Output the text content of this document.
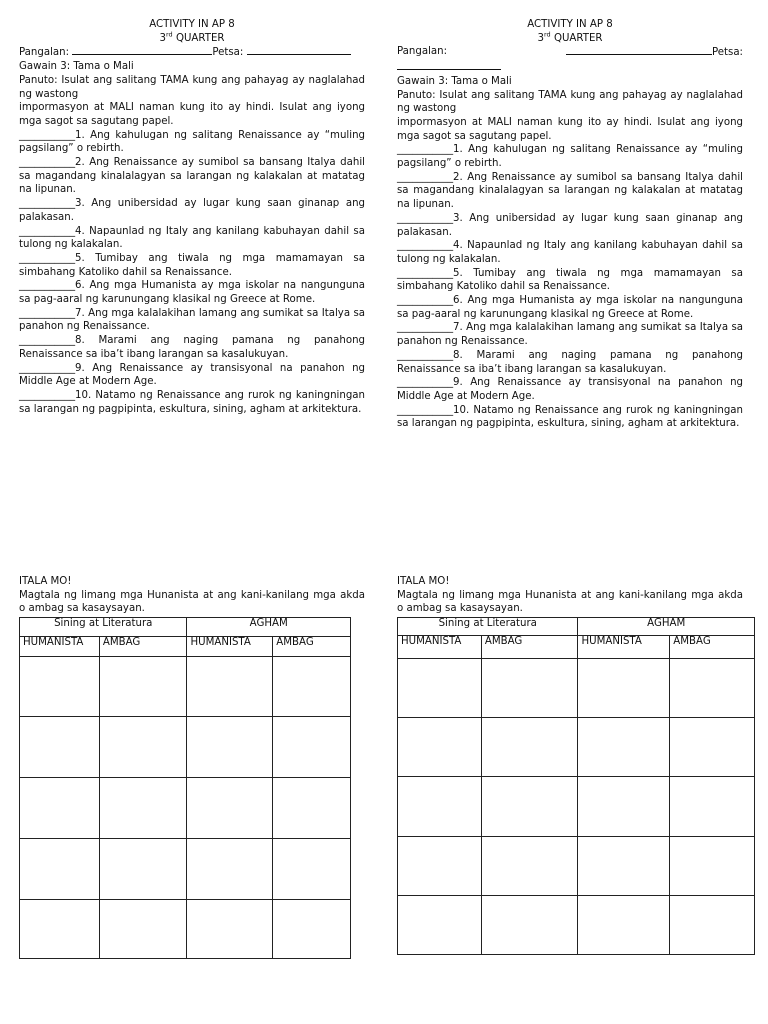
ACTIVITY IN AP 8
3rd QUARTER
Pangalan:	Petsa:

Gawain 3: Tama o Mali

Panuto: Isulat ang salitang TAMA kung ang pahayag ay naglalahad ng wastong

impormasyon at MALI naman kung ito ay hindi. Isulat ang iyong mga sagot sa sagutang papel.

___________1. Ang kahulugan ng salitang Renaissance ay “muling pagsilang” o rebirth.

___________2. Ang Renaissance ay sumibol sa bansang Italya dahil sa magandang kinalalagyan sa larangan ng kalakalan at matatag na lipunan.

___________3. Ang unibersidad ay lugar kung saan ginanap ang palakasan.

___________4. Napaunlad ng Italy ang kanilang kabuhayan dahil sa tulong ng kalakalan.

___________5. Tumibay ang tiwala ng mga mamamayan sa simbahang Katoliko dahil sa Renaissance.

___________6. Ang mga Humanista ay mga iskolar na nangunguna sa pag-aaral ng karunungang klasikal ng Greece at Rome.

___________7. Ang mga kalalakihan lamang ang sumikat sa Italya sa panahon ng Renaissance.

___________8. Marami ang naging pamana ng panahong Renaissance sa iba’t ibang larangan sa kasalukuyan.

___________9. Ang Renaissance ay transisyonal na panahon ng Middle Age at Modern Age.

___________10. Natamo ng Renaissance ang rurok ng kaningningan sa larangan ng pagpipinta, eskultura, sining, agham at arkitektura.

ACTIVITY IN AP 8
3rd QUARTER
Pangalan:	Petsa:

Gawain 3: Tama o Mali

Panuto: Isulat ang salitang TAMA kung ang pahayag ay naglalahad ng wastong

impormasyon at MALI naman kung ito ay hindi. Isulat ang iyong mga sagot sa sagutang papel.

___________1. Ang kahulugan ng salitang Renaissance ay “muling pagsilang” o rebirth.

___________2. Ang Renaissance ay sumibol sa bansang Italya dahil sa magandang kinalalagyan sa larangan ng kalakalan at matatag na lipunan.

___________3. Ang unibersidad ay lugar kung saan ginanap ang palakasan.

___________4. Napaunlad ng Italy ang kanilang kabuhayan dahil sa tulong ng kalakalan.

___________5. Tumibay ang tiwala ng mga mamamayan sa simbahang Katoliko dahil sa Renaissance.

___________6. Ang mga Humanista ay mga iskolar na nangunguna sa pag-aaral ng karunungang klasikal ng Greece at Rome.

___________7. Ang mga kalalakihan lamang ang sumikat sa Italya sa panahon ng Renaissance.

___________8. Marami ang naging pamana ng panahong Renaissance sa iba’t ibang larangan sa kasalukuyan.

___________9. Ang Renaissance ay transisyonal na panahon ng Middle Age at Modern Age.

___________10. Natamo ng Renaissance ang rurok ng kaningningan sa larangan ng pagpipinta, eskultura, sining, agham at arkitektura.

ITALA MO!

Magtala ng limang mga Hunanista at ang kani-kanilang mga akda o ambag sa kasaysayan.

Sining at Literatura		AGHAM	
HUMANISTA	AMBAG	HUMANISTA	AMBAG

ITALA MO!

Magtala ng limang mga Hunanista at ang kani-kanilang mga akda o ambag sa kasaysayan.

Sining at Literatura		AGHAM	
HUMANISTA	AMBAG	HUMANISTA	AMBAG
